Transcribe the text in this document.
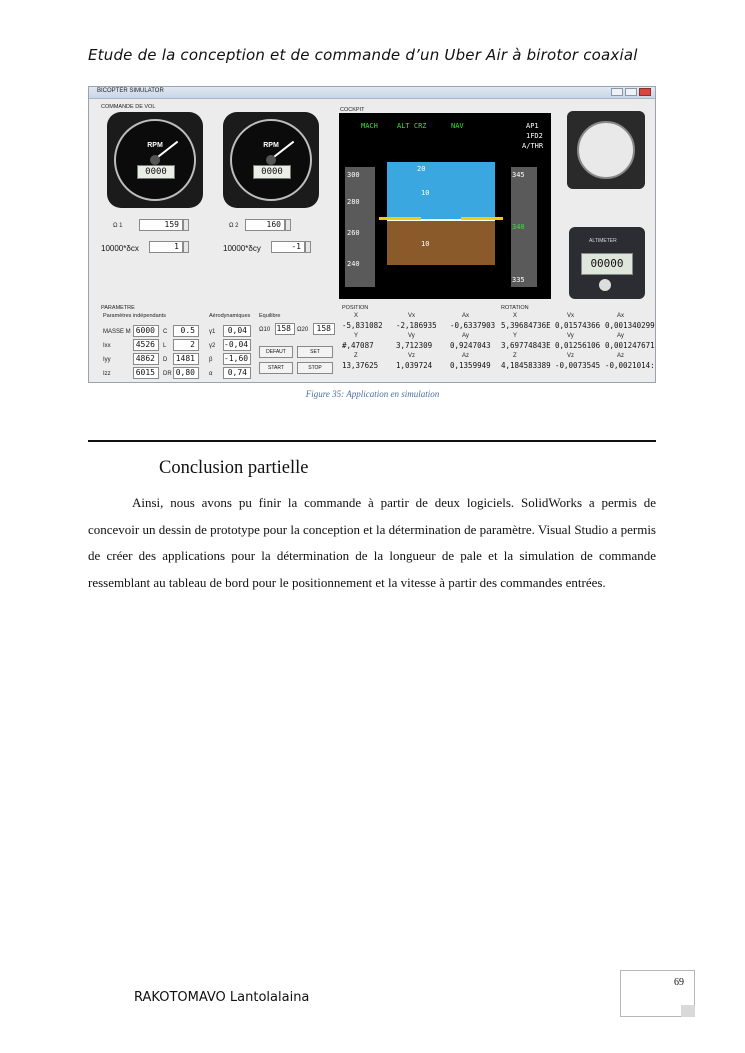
Etude de la conception et de commande d’un Uber Air à birotor coaxial
BICOPTER SIMULATOR
COMMANDE DE VOL	COCKPIT
RPM
0000
RPM
0000
Ω 1	159	Ω 2	160
10000*δcx	1	10000*δcy	-1
MACH	ALT CRZ	NAV	AP1
1FD2
A/THR
300
280
260
240
20
10
10
345
340
335
ALTIMETER
00000
PARAMETRE
Paramètres indépendants	Aérodynamiques Equilibre
MASSE M 6000	C	0.5	γ1	0,04
Ixx	4526	L	2	γ2 -0,04
Iyy	4862	D	1481	β -1,60
Izz	6015	DR 0,80	α	0,74
Ω10 158	Ω20	158
DEFAUT	SET
START	STOP
POSITION
X	Vx	Ax
-5,831082 -2,186935 -0,6337903
Y	Vy	Ay
#,47087	3,712309 0,9247043
Z	Vz	Az
13,37625 1,039724 0,1359949
ROTATION
X	Vx	Ax
5,39684736E 0,01574366 0,001340299
Y	Vy	Ay
3,69774843E 0,01256106 0,001247671
Z	Vz	Az
4,184583389 -0,0073545 -0,0021014:
Figure 35: Application en simulation
Conclusion partielle
Ainsi, nous avons pu finir la commande à partir de deux logiciels. SolidWorks a permis de concevoir un dessin de prototype pour la conception et la détermination de paramètre. Visual Studio a permis de créer des applications pour la détermination de la longueur de pale et la simulation de commande ressemblant au tableau de bord pour le positionnement et la vitesse à partir des commandes entrées.
69
RAKOTOMAVO Lantolalaina
